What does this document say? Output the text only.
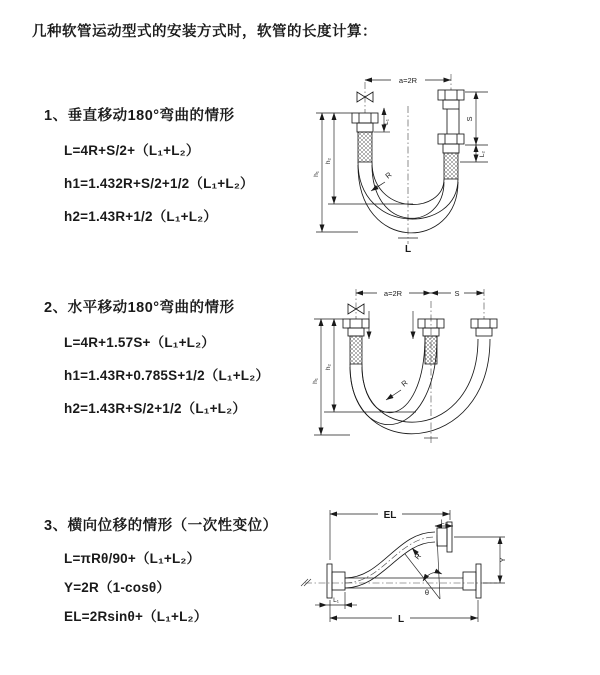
几种软管运动型式的安装方式时，软管的长度计算：
1、垂直移动180°弯曲的情形
L=4R+S/2+（L₁+L₂）
h1=1.432R+S/2+1/2（L₁+L₂）
h2=1.43R+1/2（L₁+L₂）
2、水平移动180°弯曲的情形
L=4R+1.57S+（L₁+L₂）
h1=1.43R+0.785S+1/2（L₁+L₂）
h2=1.43R+S/2+1/2（L₁+L₂）
3、横向位移的情形（一次性变位）
L=πRθ/90+（L₁+L₂）
Y=2R（1-cosθ）
EL=2Rsinθ+（L₁+L₂）
a=2R
L₁
S
L₂
h₂
h₁	R
L
a=2R	S
h₂
h₁	R
EL
L₂
Y
θ
R
L₁
L
